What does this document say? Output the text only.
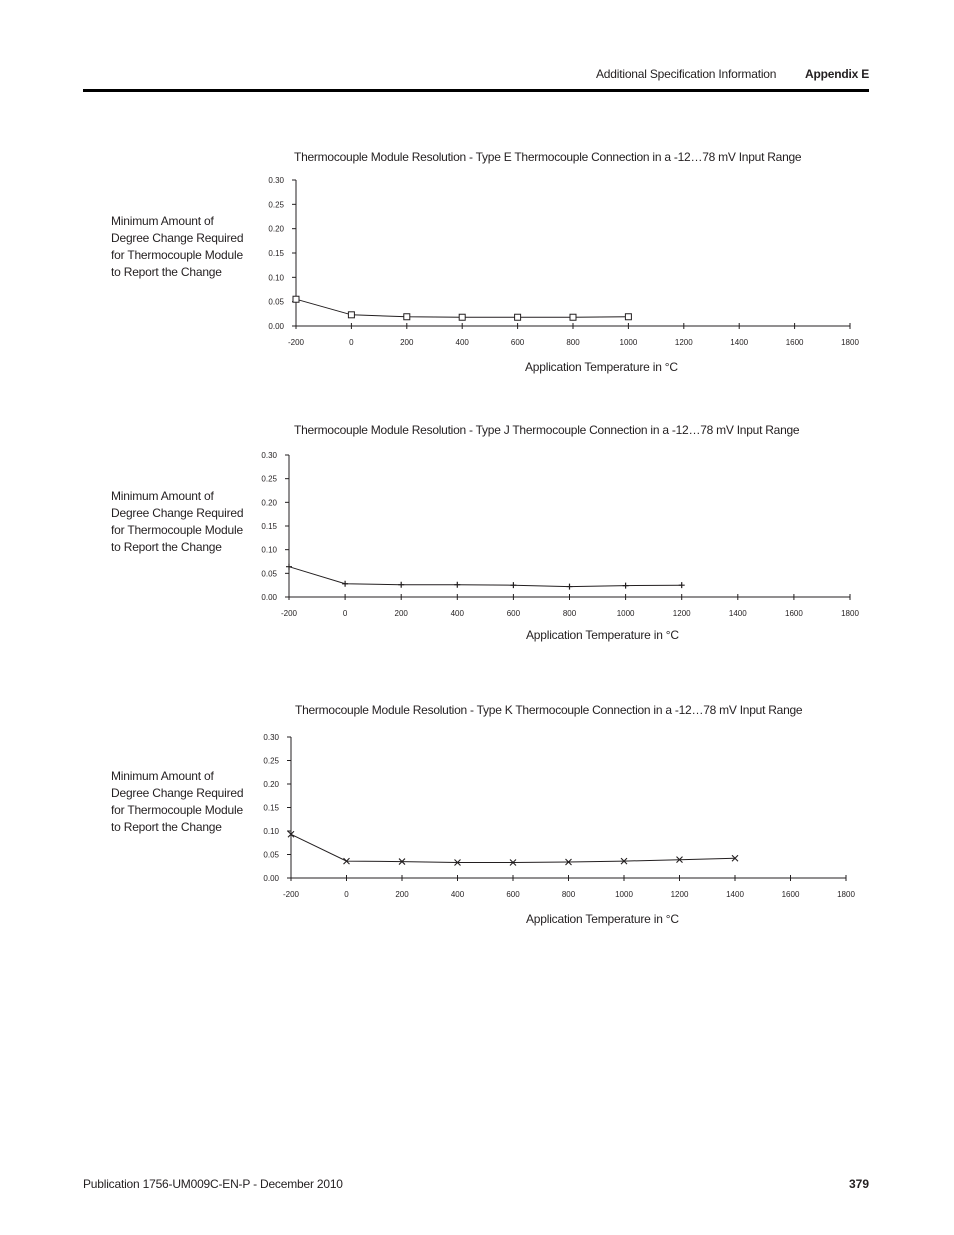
Additional Specification Information Appendix E
Thermocouple Module Resolution - Type E Thermocouple Connection in a -12…78 mV Input Range
Minimum Amount of Degree Change Required for Thermocouple Module to Report the Change
0.00
0.05
0.10
0.15
0.20
0.25
0.30
-200	0	200	400	600	800	1000	1200	1400	1600	1800
Application Temperature in °C
Thermocouple Module Resolution - Type J Thermocouple Connection in a -12…78 mV Input Range
Minimum Amount of Degree Change Required for Thermocouple Module to Report the Change
0.00
0.05
0.10
0.15
0.20
0.25
0.30
-200	0	200	400	600	800	1000	1200	1400	1600	1800
Application Temperature in °C
Thermocouple Module Resolution - Type K Thermocouple Connection in a -12…78 mV Input Range
Minimum Amount of Degree Change Required for Thermocouple Module to Report the Change
0.00
0.05
0.10
0.15
0.20
0.25
0.30
-200	0	200	400	600	800	1000	1200	1400	1600	1800
Application Temperature in °C
Publication 1756-UM009C-EN-P - December 2010	379
